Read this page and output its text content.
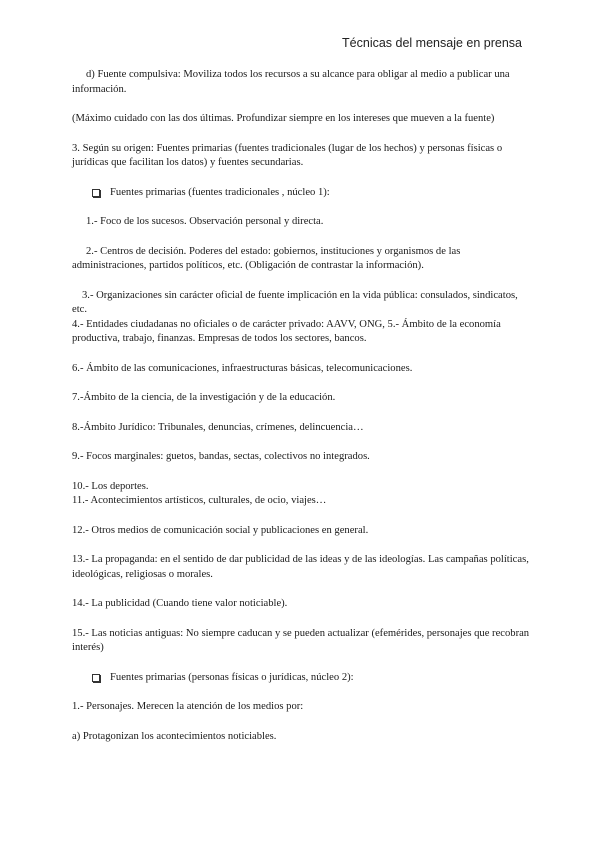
Técnicas del mensaje en prensa

d) Fuente compulsiva: Moviliza todos los recursos a su alcance para obligar al medio a publicar una información.

(Máximo cuidado con las dos últimas. Profundizar siempre en los intereses que mueven a la fuente)

3. Según su origen: Fuentes primarias (fuentes tradicionales (lugar de los hechos) y personas físicas o jurídicas que facilitan los datos) y fuentes secundarias.

Fuentes primarias (fuentes tradicionales , núcleo 1):

1.- Foco de los sucesos. Observación personal y directa.

2.- Centros de decisión. Poderes del estado: gobiernos, instituciones y organismos de las administraciones, partidos políticos, etc. (Obligación de contrastar la información).

3.- Organizaciones sin carácter oficial de fuente implicación en la vida pública: consulados, sindicatos, etc.

4.- Entidades ciudadanas no oficiales o de carácter privado: AAVV, ONG, 5.- Ámbito de la economía productiva, trabajo, finanzas. Empresas de todos los sectores, bancos.

6.- Ámbito de las comunicaciones, infraestructuras básicas, telecomunicaciones.

7.-Ámbito de la ciencia, de la investigación y de la educación.

8.-Ámbito Jurídico: Tribunales, denuncias, crímenes, delincuencia…

9.- Focos marginales: guetos, bandas, sectas, colectivos no integrados.

10.- Los deportes.

11.- Acontecimientos artísticos, culturales, de ocio, viajes…

12.- Otros medios de comunicación social y publicaciones en general.

13.- La propaganda: en el sentido de dar publicidad de las ideas y de las ideologías. Las campañas políticas, ideológicas, religiosas o morales.

14.- La publicidad (Cuando tiene valor noticiable).

15.- Las noticias antiguas: No siempre caducan y se pueden actualizar (efemérides, personajes que recobran interés)

Fuentes primarias (personas físicas o jurídicas, núcleo 2):

1.- Personajes. Merecen la atención de los medios por:

a) Protagonizan los acontecimientos noticiables.
